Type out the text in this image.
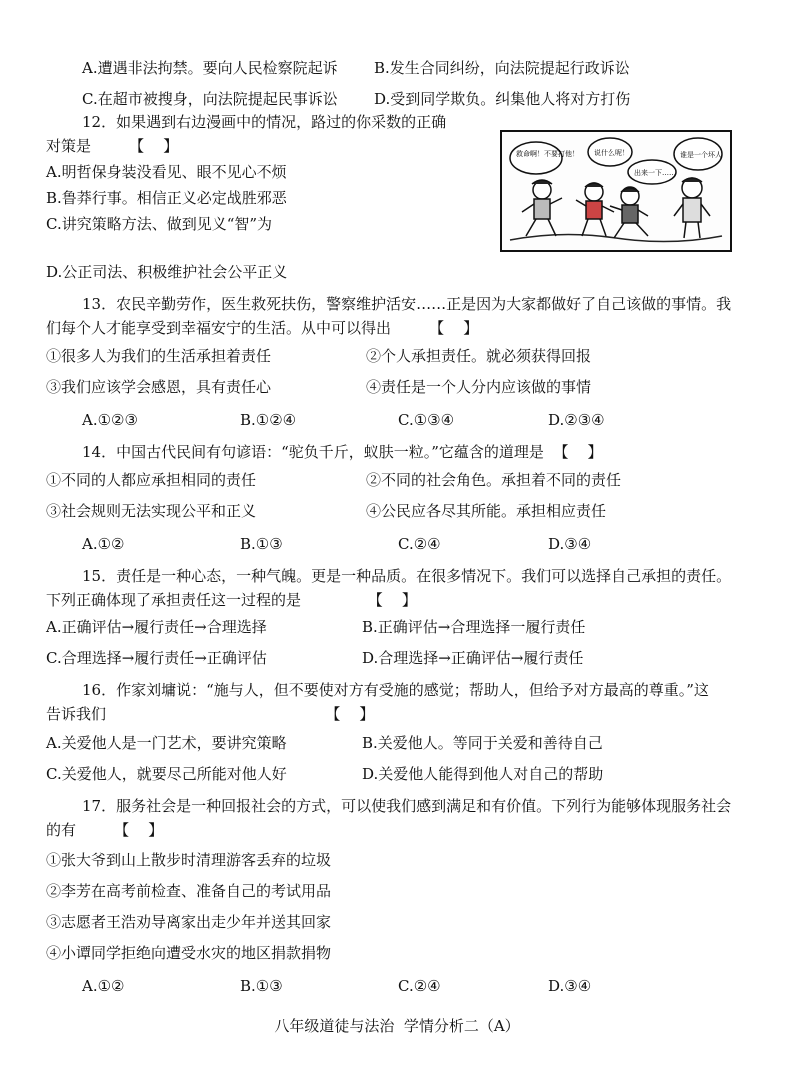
A.遭遇非法拘禁。要向人民检察院起诉 B.发生合同纠纷，向法院提起行政诉讼
C.在超市被搜身，向法院提起民事诉讼 D.受到同学欺负。纠集他人将对方打伤
12．如果遇到右边漫画中的情况，路过的你采数的正确
对策是        【    】
A.明哲保身装没看见、眼不见心不烦
B.鲁莽行事。相信正义必定战胜邪恶
C.讲究策略方法、做到见义“智”为
D.公正司法、积极维护社会公平正义
救命啊！不要打他！ 说什么呢！
出来一下……
谁是一个坏人
13．农民辛勤劳作，医生救死扶伤，警察维护活安……正是因为大家都做好了自己该做的事情。我
们每个人才能享受到幸福安宁的生活。从中可以得出        【    】
①很多人为我们的生活承担着责任	②个人承担责任。就必须获得回报
③我们应该学会感恩，具有责任心	④责任是一个人分内应该做的事情
A.①②③	B.①②④	C.①③④	D.②③④
14．中国古代民间有句谚语：“驼负千斤，蚁肤一粒。”它蕴含的道理是  【    】
①不同的人都应承担相同的责任	②不同的社会角色。承担着不同的责任
③社会规则无法实现公平和正义	④公民应各尽其所能。承担相应责任
A.①②	B.①③	C.②④	D.③④
15．责任是一种心态，一种气魄。更是一种品质。在很多情况下。我们可以选择自己承担的责任。
下列正确体现了承担责任这一过程的是              【    】
A.正确评估→履行责任→合理选择	B.正确评估→合理选择一履行责任
C.合理选择→履行责任→正确评估	D.合理选择→正确评估→履行责任
16．作家刘墉说：“施与人，但不要使对方有受施的感觉；帮助人，但给予对方最高的尊重。”这
告诉我们                                              【    】
A.关爱他人是一门艺术，要讲究策略	B.关爱他人。等同于关爱和善待自己
C.关爱他人，就要尽己所能对他人好	D.关爱他人能得到他人对自己的帮助
17．服务社会是一种回报社会的方式，可以使我们感到满足和有价值。下列行为能够体现服务社会
的有        【    】
①张大爷到山上散步时清理游客丢弃的垃圾
②李芳在高考前检查、准备自己的考试用品
③志愿者王浩劝导离家出走少年并送其回家
④小谭同学拒绝向遭受水灾的地区捐款捐物
A.①②	B.①③	C.②④	D.③④
八年级道徒与法治  学情分析二（A）
